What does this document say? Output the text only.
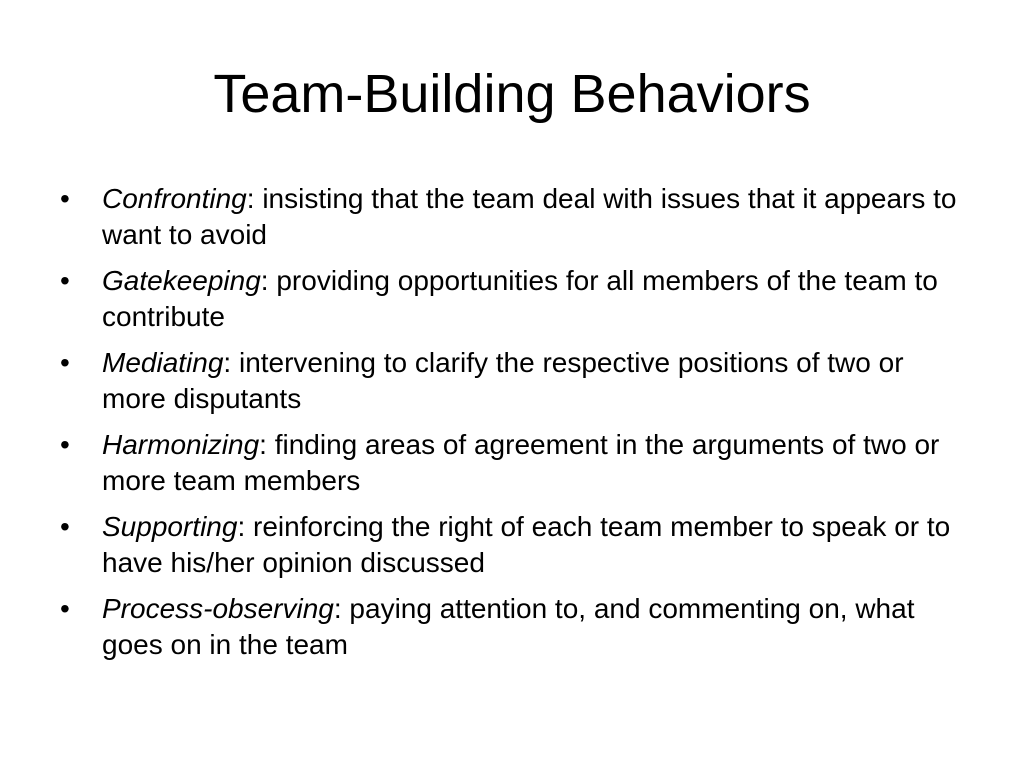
Team-Building Behaviors
•	Confronting: insisting that the team deal with issues that it appears to want to avoid
•	Gatekeeping: providing opportunities for all members of the team to contribute
•	Mediating: intervening to clarify the respective positions of two or more disputants
•	Harmonizing: finding areas of agreement in the arguments of two or more team members
•	Supporting: reinforcing the right of each team member to speak or to have his/her opinion discussed
•	Process-observing: paying attention to, and commenting on, what goes on in the team
